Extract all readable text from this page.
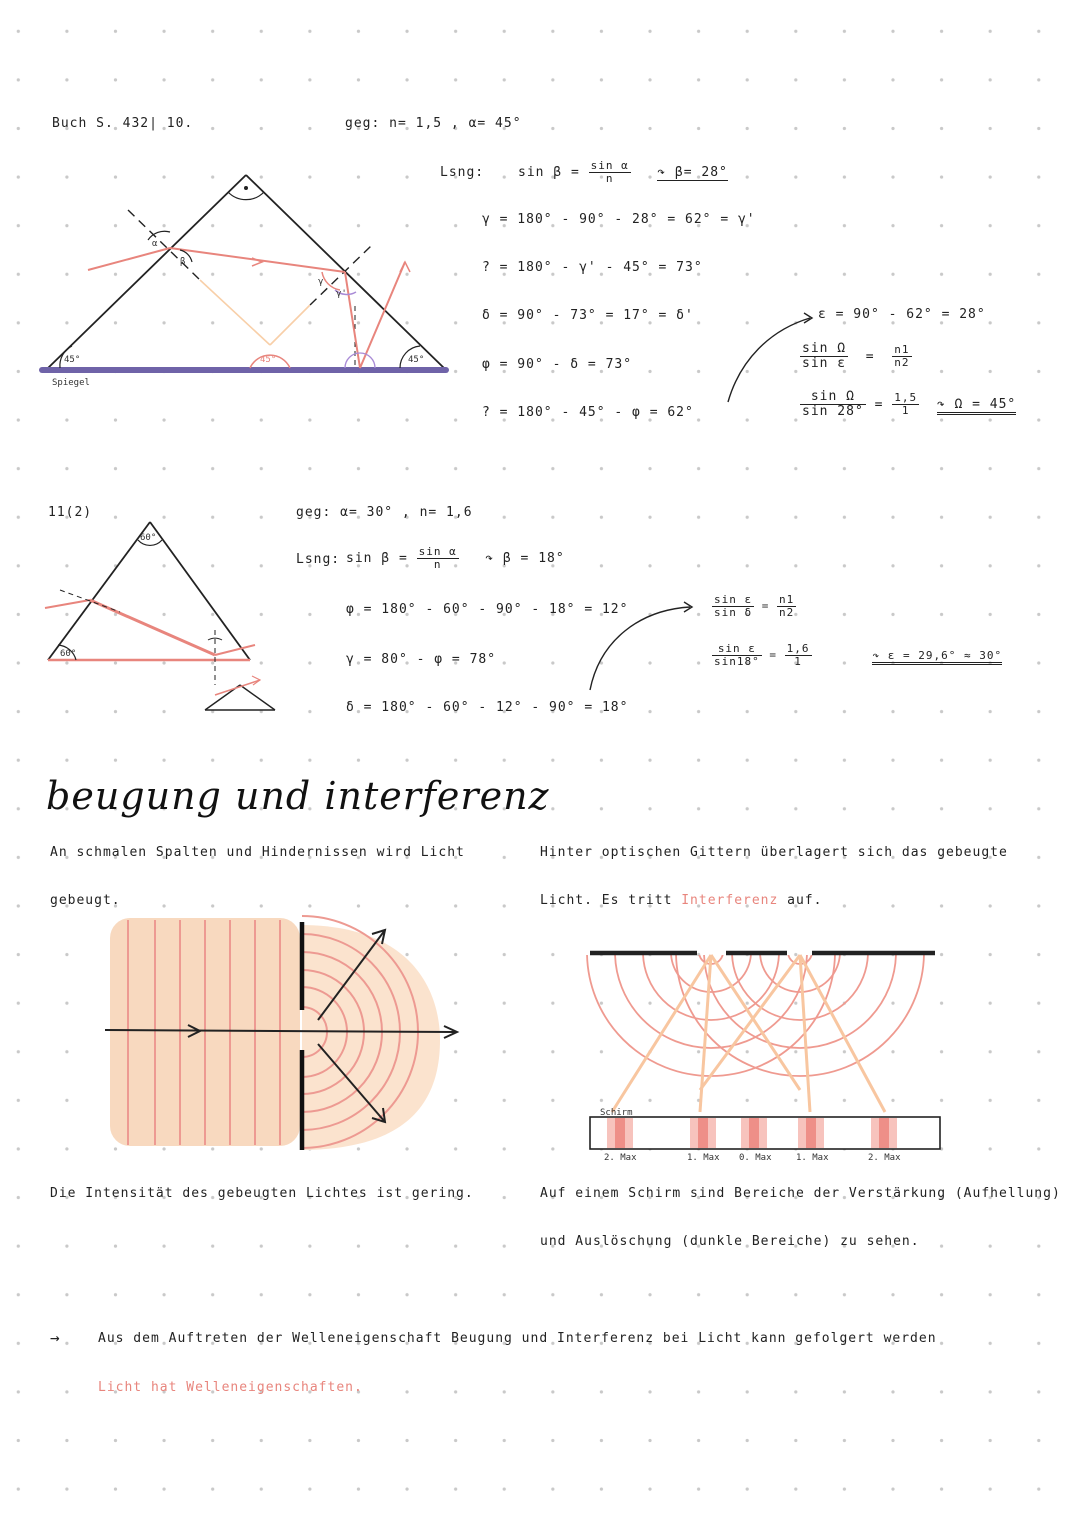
Buch S. 432| 10.	geg: n= 1,5 , α= 45°
Lsng:	$\sin \beta = \frac{\text{sin α}}{n}$ ↷ β= 28°
γ = 180° - 90° - 28° = 62° = γ'
? = 180° - γ' - 45° = 73°
δ = 90° - 73° = 17° = δ'
φ = 90° - δ = 73°
? = 180° - 45° - φ = 62°
ε = 90° - 62° = 28°
$\frac{\text{sin Ω}}{\text{sin ε}} = \frac{n1}{n2}$
$\frac{\text{sin Ω}}{\sin 28^\circ} = \frac{1,5}{1}$ ↷ Ω = 45°
α
β
γ
γ'
45°	45°	45°
Spiegel
11(2)	geg: α= 30° , n= 1,6
Lsng: $\sin \beta = \frac{\text{sin α}}{n}$ ↷ β = 18°
φ = 180° - 60° - 90° - 18° = 12°
γ = 80° - φ = 78°
δ = 180° - 60° - 12° - 90° = 18°
$\frac{\text{sin ε}}{\text{sin δ}} = \frac{n1}{n2}$
$\frac{\text{sin ε}}{\sin 18^\circ} = \frac{1,6}{1}$	↷ ε = 29,6° ≈ 30°
60°
60°
beugung und interferenz
An schmalen Spalten und Hindernissen wird Licht
gebeugt.
Hinter optischen Gittern überlagert sich das gebeugte
Licht. Es tritt Interferenz auf.
Schirm
2. Max	1. Max 0. Max	1. Max	2. Max
Die Intensität des gebeugten Lichtes ist gering.	Auf einem Schirm sind Bereiche der Verstärkung (Aufhellung)
und Auslöschung (dunkle Bereiche) zu sehen.
→	Aus dem Auftreten der Welleneigenschaft Beugung und Interferenz bei Licht kann gefolgert werden
Licht hat Welleneigenschaften.
